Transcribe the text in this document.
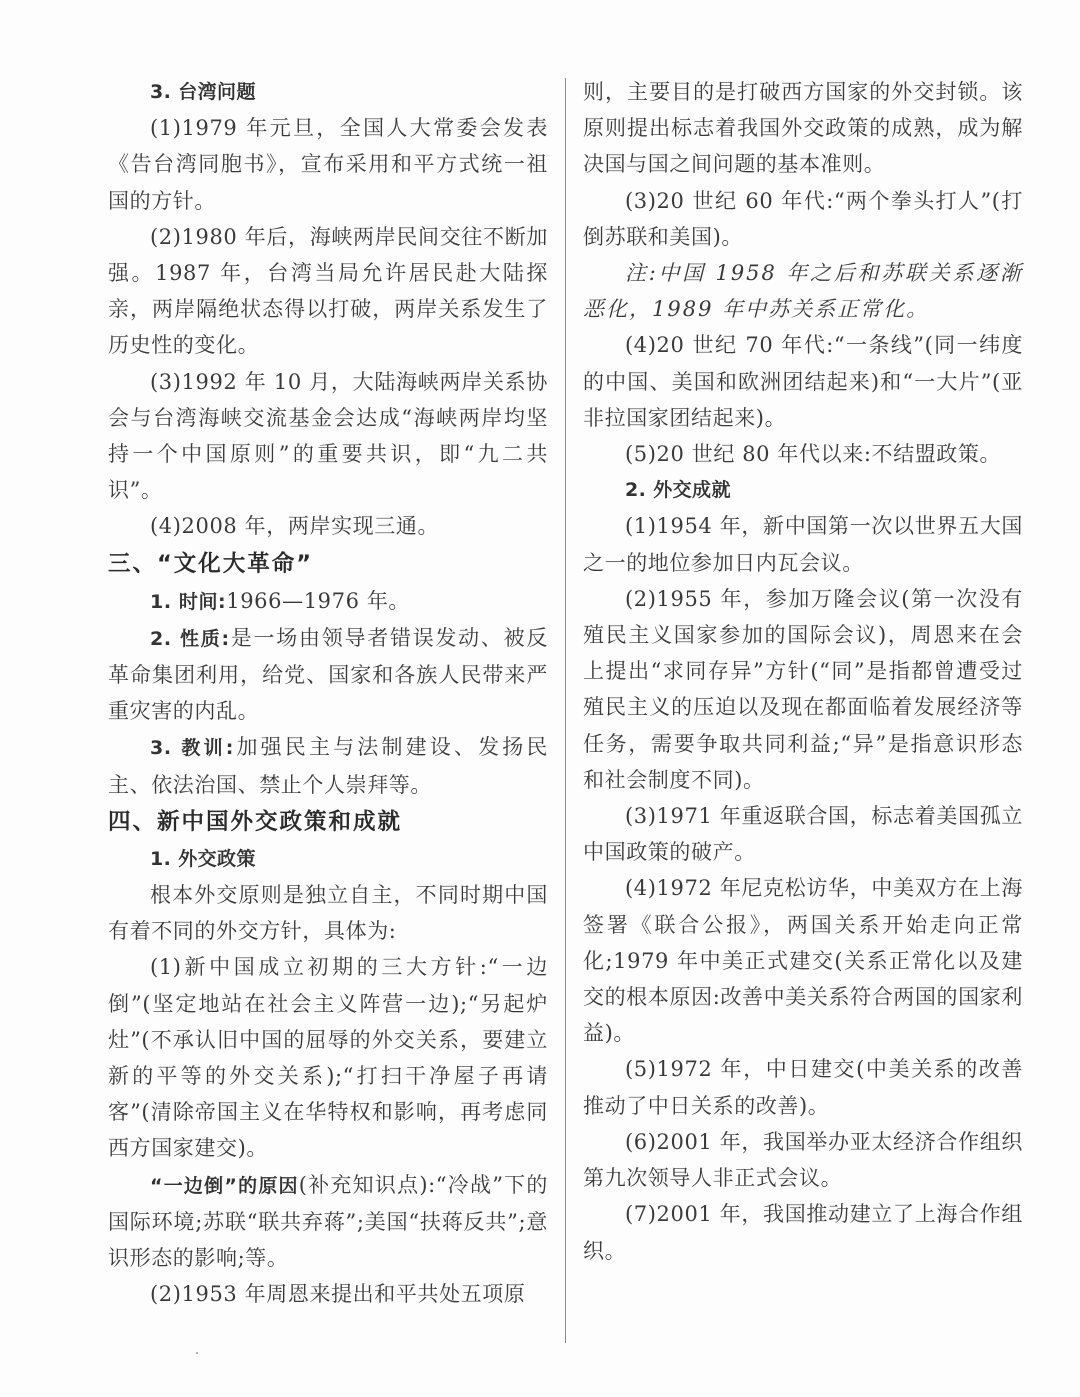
3. 台湾问题

(1)1979 年元旦，全国人大常委会发表《告台湾同胞书》，宣布采用和平方式统一祖国的方针。

(2)1980 年后，海峡两岸民间交往不断加强。1987 年，台湾当局允许居民赴大陆探亲，两岸隔绝状态得以打破，两岸关系发生了历史性的变化。

(3)1992 年 10 月，大陆海峡两岸关系协会与台湾海峡交流基金会达成“海峡两岸均坚持一个中国原则”的重要共识，即“九二共识”。

(4)2008 年，两岸实现三通。

三、“文化大革命”

1. 时间:1966—1976 年。

2. 性质:是一场由领导者错误发动、被反革命集团利用，给党、国家和各族人民带来严重灾害的内乱。

3. 教训:加强民主与法制建设、发扬民主、依法治国、禁止个人崇拜等。

四、新中国外交政策和成就

1. 外交政策

根本外交原则是独立自主，不同时期中国有着不同的外交方针，具体为:

(1)新中国成立初期的三大方针:“一边倒”(坚定地站在社会主义阵营一边);“另起炉灶”(不承认旧中国的屈辱的外交关系，要建立新的平等的外交关系);“打扫干净屋子再请客”(清除帝国主义在华特权和影响，再考虑同西方国家建交)。

“一边倒”的原因(补充知识点):“冷战”下的国际环境;苏联“联共弃蒋”;美国“扶蒋反共”;意识形态的影响;等。

(2)1953 年周恩来提出和平共处五项原

则，主要目的是打破西方国家的外交封锁。该原则提出标志着我国外交政策的成熟，成为解决国与国之间问题的基本准则。

(3)20 世纪 60 年代:“两个拳头打人”(打倒苏联和美国)。

注:中国 1958 年之后和苏联关系逐渐恶化，1989 年中苏关系正常化。

(4)20 世纪 70 年代:“一条线”(同一纬度的中国、美国和欧洲团结起来)和“一大片”(亚非拉国家团结起来)。

(5)20 世纪 80 年代以来:不结盟政策。

2. 外交成就

(1)1954 年，新中国第一次以世界五大国之一的地位参加日内瓦会议。

(2)1955 年，参加万隆会议(第一次没有殖民主义国家参加的国际会议)，周恩来在会上提出“求同存异”方针(“同”是指都曾遭受过殖民主义的压迫以及现在都面临着发展经济等任务，需要争取共同利益;“异”是指意识形态和社会制度不同)。

(3)1971 年重返联合国，标志着美国孤立中国政策的破产。

(4)1972 年尼克松访华，中美双方在上海签署《联合公报》，两国关系开始走向正常化;1979 年中美正式建交(关系正常化以及建交的根本原因:改善中美关系符合两国的国家利益)。

(5)1972 年，中日建交(中美关系的改善推动了中日关系的改善)。

(6)2001 年，我国举办亚太经济合作组织第九次领导人非正式会议。

(7)2001 年，我国推动建立了上海合作组织。
